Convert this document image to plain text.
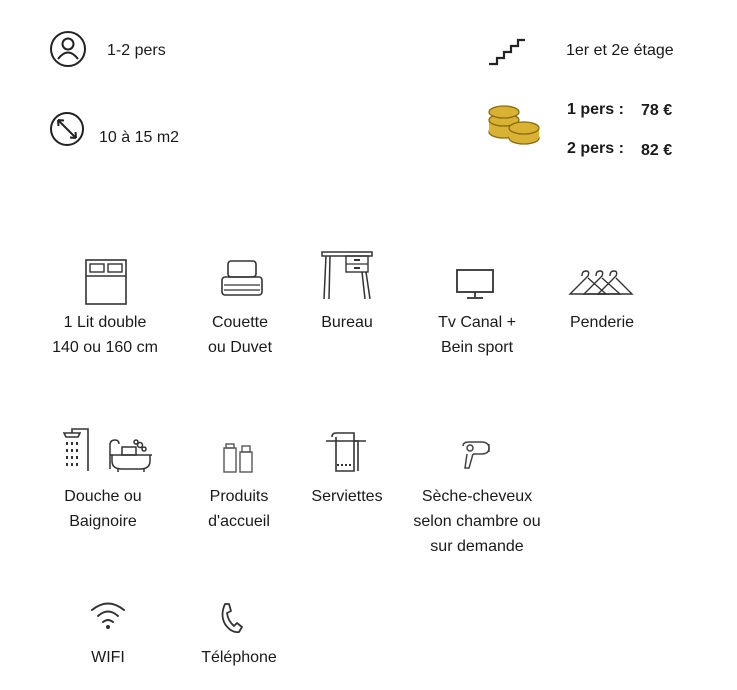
1-2 pers	1er et 2e étage
10 à 15 m2
1 pers : 78 €
2 pers : 82 €
1 Lit double
140 ou 160 cm
Couette
ou Duvet
Bureau	Tv Canal +
Bein sport
Penderie
Douche ou
Baignoire
Produits
d'accueil
Serviettes	Sèche-cheveux
selon chambre ou
sur demande
WIFI	Téléphone
